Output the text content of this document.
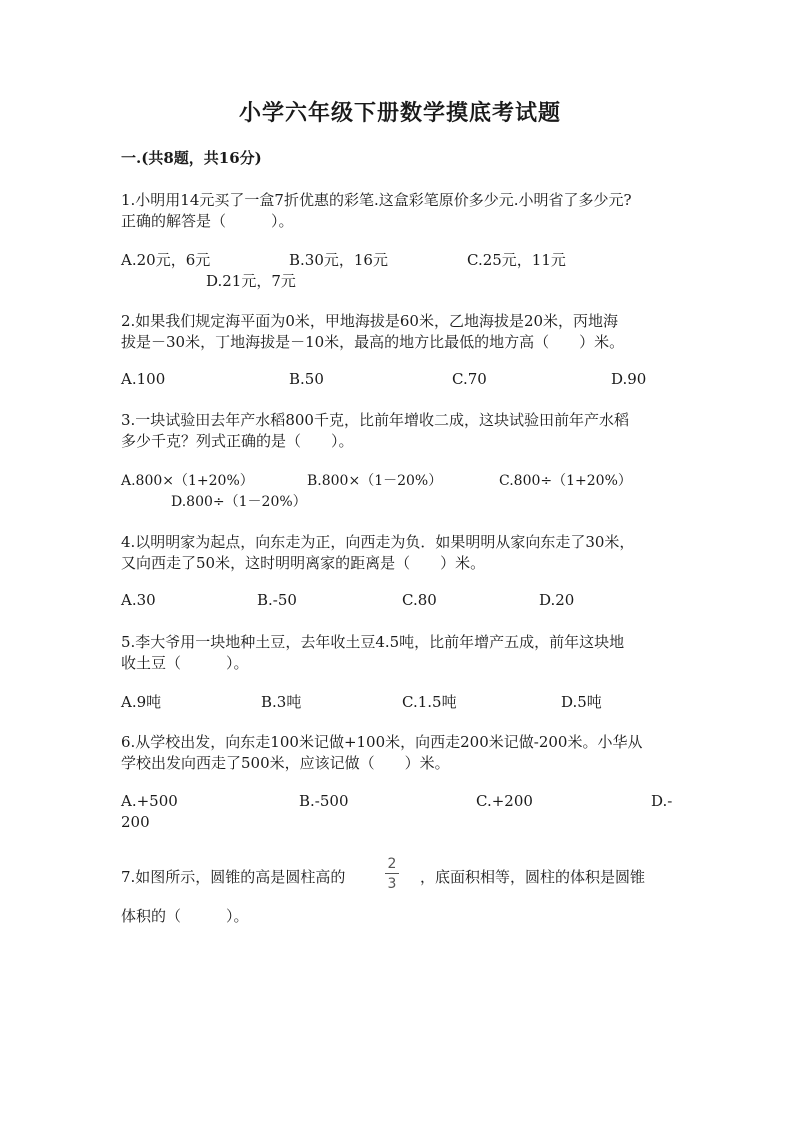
小学六年级下册数学摸底考试题
一.(共8题，共16分)
1.小明用14元买了一盒7折优惠的彩笔.这盒彩笔原价多少元.小明省了多少元?
正确的解答是（　　　）。
A.20元，6元	B.30元，16元	C.25元，11元
D.21元，7元
2.如果我们规定海平面为0米，甲地海拔是60米，乙地海拔是20米，丙地海
拔是－30米，丁地海拔是－10米，最高的地方比最低的地方高（　　）米。
A.100	B.50	C.70	D.90
3.一块试验田去年产水稻800千克，比前年增收二成，这块试验田前年产水稻
多少千克？列式正确的是（　　）。
A.800×（1+20%）	B.800×（1－20%）	C.800÷（1+20%）
D.800÷（1－20%）
4.以明明家为起点，向东走为正，向西走为负．如果明明从家向东走了30米，
又向西走了50米，这时明明离家的距离是（　　）米。
A.30	B.-50	C.80	D.20
5.李大爷用一块地种土豆，去年收土豆4.5吨，比前年增产五成，前年这块地
收土豆（　　　）。
A.9吨	B.3吨	C.1.5吨	D.5吨
6.从学校出发，向东走100米记做+100米，向西走200米记做-200米。小华从
学校出发向西走了500米，应该记做（　　）米。
A.+500	B.-500	C.+200	D.-
200
7.如图所示，圆锥的高是圆柱高的
2
3	，底面积相等，圆柱的体积是圆锥
体积的（　　　）。
